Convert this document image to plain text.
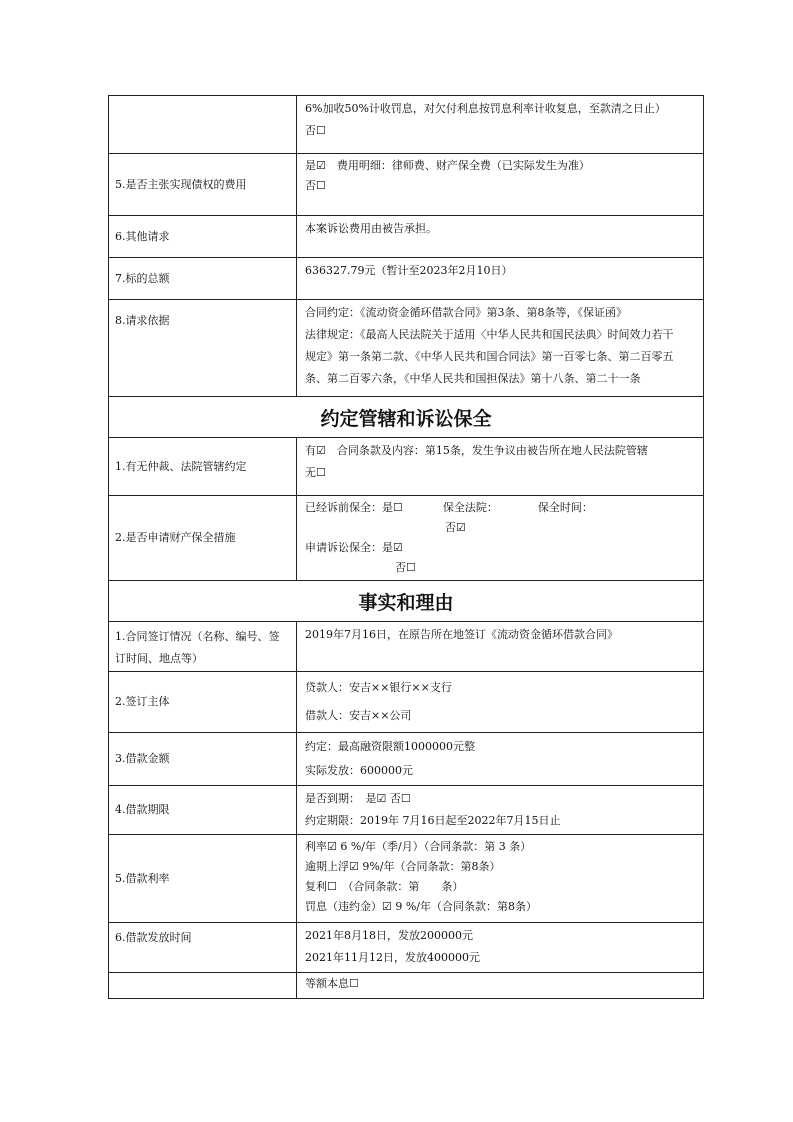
	6%加收50%计收罚息，对欠付利息按罚息利率计收复息，至款清之日止）
否☐

5.是否主张实现债权的费用	是☑　费用明细：律师费、财产保全费（已实际发生为准）
否☐

6.其他请求	本案诉讼费用由被告承担。

7.标的总额	636327.79元（暂计至2023年2月10日）

8.请求依据	合同约定：《流动资金循环借款合同》第3条、第8条等，《保证函》
法律规定：《最高人民法院关于适用〈中华人民共和国民法典〉时间效力若干
规定》第一条第二款、《中华人民共和国合同法》第一百零七条、第二百零五
条、第二百零六条，《中华人民共和国担保法》第十八条、第二十一条

约定管辖和诉讼保全	
1.有无仲裁、法院管辖约定	有☑　合同条款及内容：第15条，发生争议由被告所在地人民法院管辖
无☐

2.是否申请财产保全措施	已经诉前保全：是☐ 保全法院： 保全时间：
否☑
申请诉讼保全：是☑
否☐

事实和理由	
1.合同签订情况（名称、编号、签订时间、地点等）	2019年7月16日，在原告所在地签订《流动资金循环借款合同》

2.签订主体	贷款人：安吉××银行××支行
借款人：安吉××公司

3.借款金额	约定：最高融资限额1000000元整
实际发放：600000元

4.借款期限	是否到期：　是☑ 否☐
约定期限：2019年 7月16日起至2022年7月15日止

5.借款利率	利率☑ 6 %/年（季/月）（合同条款：第 3 条）
逾期上浮☑ 9%/年（合同条款：第8条）
复利☐　（合同条款：第　　条）
罚息（违约金）☑ 9 %/年（合同条款：第8条）

6.借款发放时间	2021年8月18日，发放200000元
2021年11月12日，发放400000元

	等额本息☐
